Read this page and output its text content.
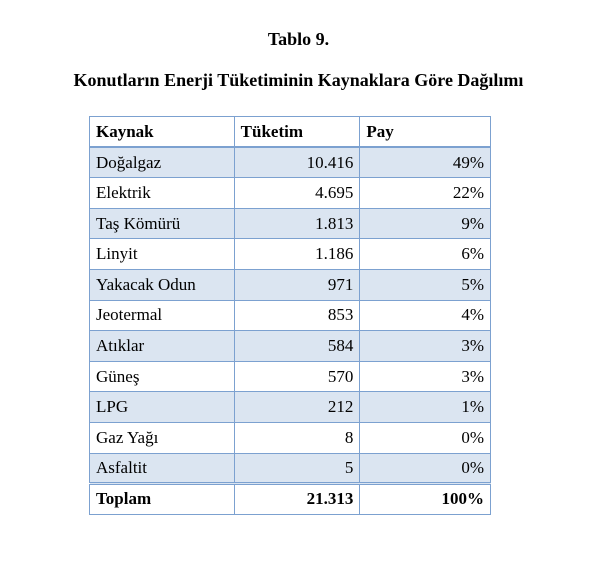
Tablo 9.
Konutların Enerji Tüketiminin Kaynaklara Göre Dağılımı
Kaynak	Tüketim	Pay
Doğalgaz	10.416	49%
Elektrik	4.695	22%
Taş Kömürü	1.813	9%
Linyit	1.186	6%
Yakacak Odun	971	5%
Jeotermal	853	4%
Atıklar	584	3%
Güneş	570	3%
LPG	212	1%
Gaz Yağı	8	0%
Asfaltit	5	0%
Toplam	21.313	100%
